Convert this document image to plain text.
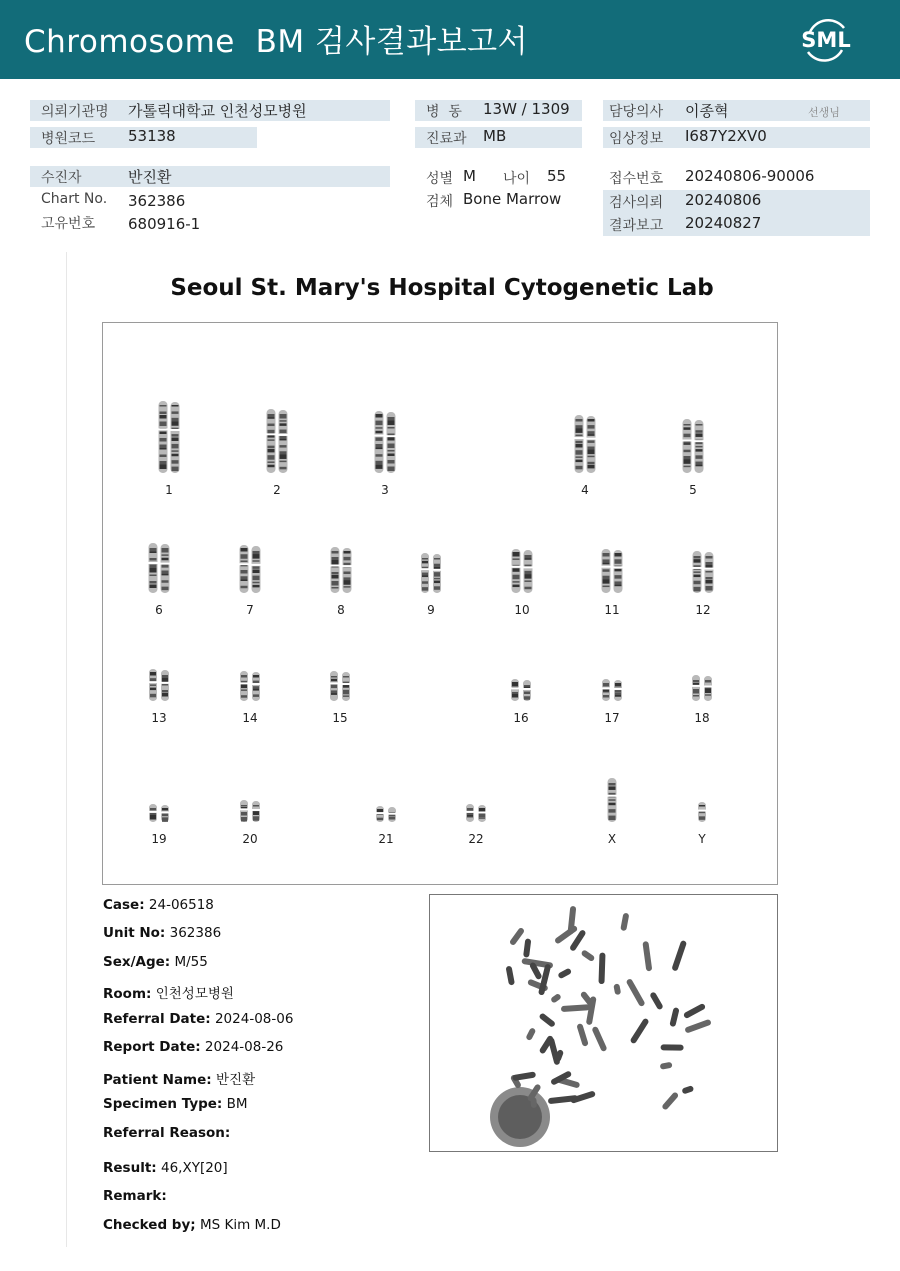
Chromosome  BM 검사결과보고서	SML
의뢰기관명 가톨릭대학교 인천성모병원
병원코드 53138
병  동 13W / 1309
진료과 MB
담당의사 이종혁	선생님
임상정보 I687Y2XV0
수진자	반진환
Chart No. 362386
고유번호 680916-1
성별 M 나이 55
검체 Bone Marrow
접수번호 20240806-90006
검사의뢰 20240806
결과보고 20240827
Seoul St. Mary's Hospital Cytogenetic Lab
1	2	3	4	5
6	7	8	9	10	11	12
13	14	15	16	17	18
19	20	21	22	X	Y
Case: 24-06518
Unit No: 362386
Sex/Age: M/55
Room: 인천성모병원
Referral Date: 2024-08-06
Report Date: 2024-08-26
Patient Name: 반진환
Specimen Type: BM
Referral Reason:
Result: 46,XY[20]
Remark:
Checked by; MS Kim M.D
